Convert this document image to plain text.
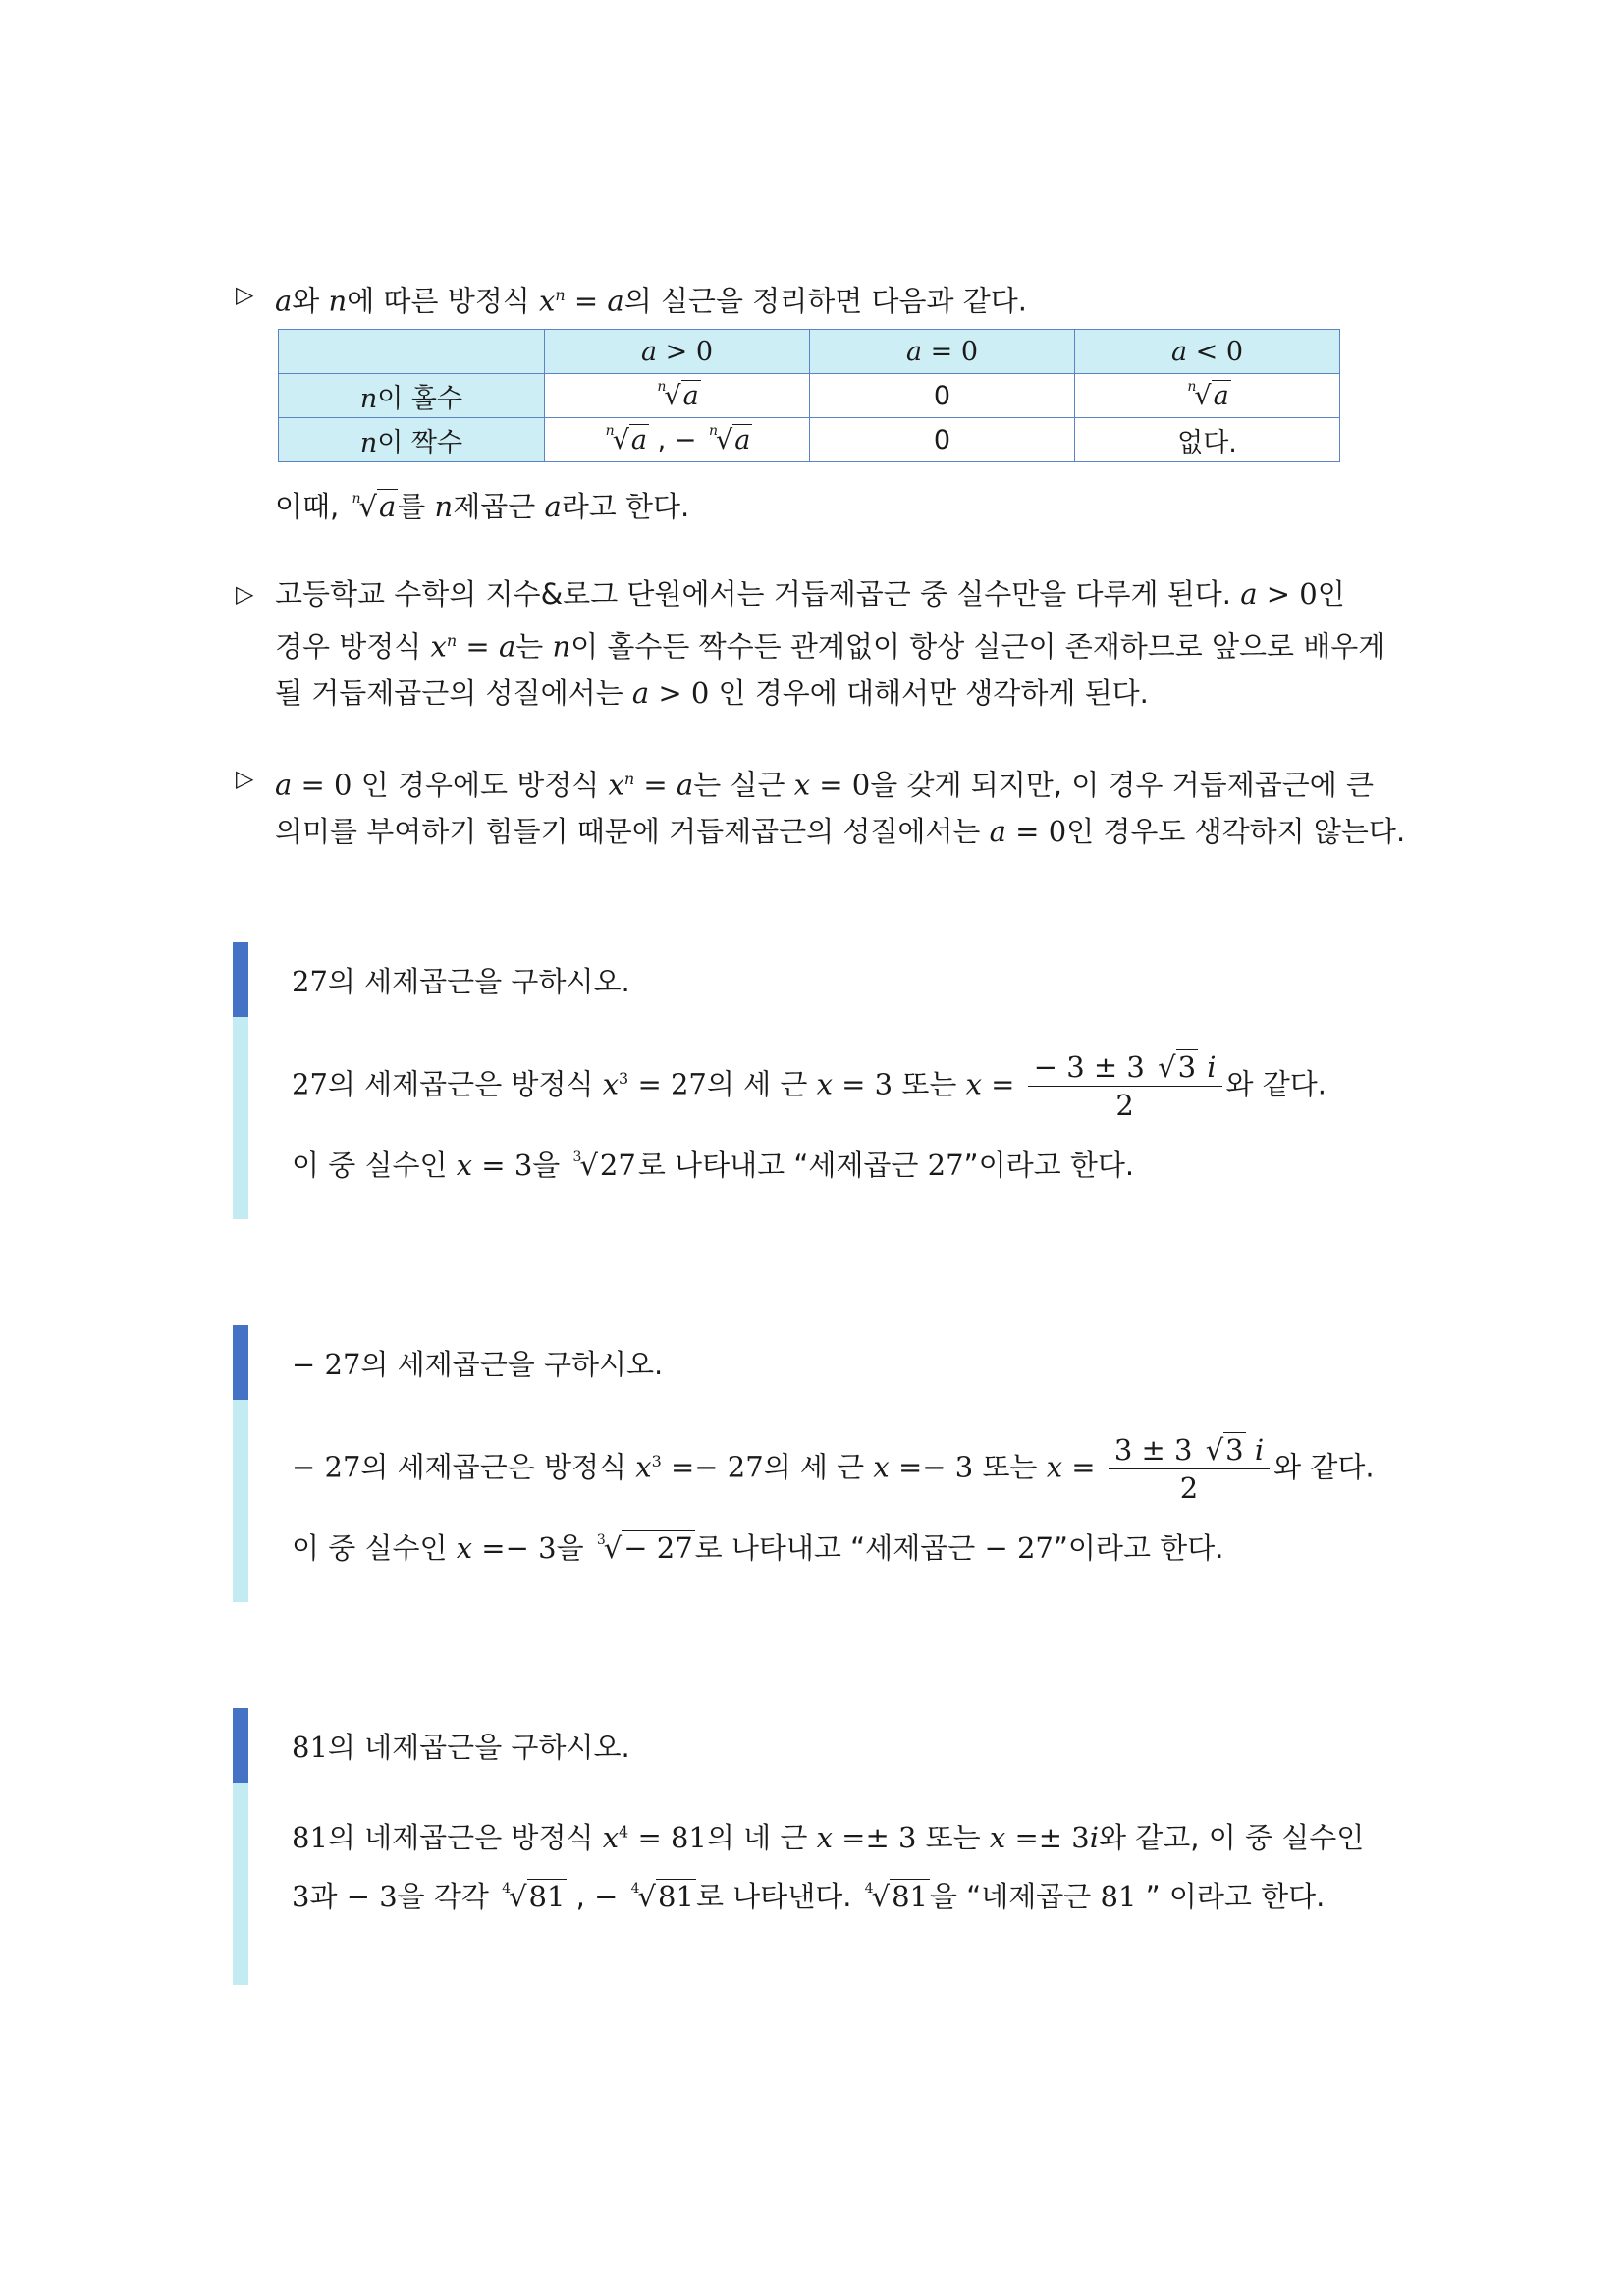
▷ a와 n에 따른 방정식 $x^n = a$의 실근을 정리하면 다음과 같다.
	a > 0	a = 0	a < 0
n이 홀수	$^n$√a	0	$^n$√a
n이 짝수	$^n$√a , − $^n$√a	0	없다.
이때, $^n$√a를 n제곱근 a라고 한다.
▷ 고등학교 수학의 지수&로그 단원에서는 거듭제곱근 중 실수만을 다루게 된다. a > 0인
경우 방정식 $x^n = a$는 n이 홀수든 짝수든 관계없이 항상 실근이 존재하므로 앞으로 배우게
될 거듭제곱근의 성질에서는 a > 0 인 경우에 대해서만 생각하게 된다.
▷ a = 0 인 경우에도 방정식 $x^n = a$는 실근 x = 0을 갖게 되지만, 이 경우 거듭제곱근에 큰
의미를 부여하기 힘들기 때문에 거듭제곱근의 성질에서는 a = 0인 경우도 생각하지 않는다.
27의 세제곱근을 구하시오.
27의 세제곱근은 방정식 $x^3 = 27$의 세 근 x = 3 또는 $x = \frac{- 3 \pm 3 √3 i}{2}$ 와 같다.
이 중 실수인 x = 3을 $^3$√27로 나타내고 “세제곱근 27”이라고 한다.
− 27의 세제곱근을 구하시오.
− 27의 세제곱근은 방정식 $x^3 =- 27$의 세 근 x =− 3 또는 $x = \frac{3 \pm 3 √3 i}{2}$ 와 같다.
이 중 실수인 x =− 3을 $^3$√− 27로 나타내고 “세제곱근 − 27”이라고 한다.
81의 네제곱근을 구하시오.
81의 네제곱근은 방정식 $x^4 = 81$의 네 근 x =± 3 또는 x =± 3i와 같고, 이 중 실수인
3과 − 3을 각각 $^4$√81 , − $^4$√81로 나타낸다. $^4$√81을 “네제곱근 81 ” 이라고 한다.
